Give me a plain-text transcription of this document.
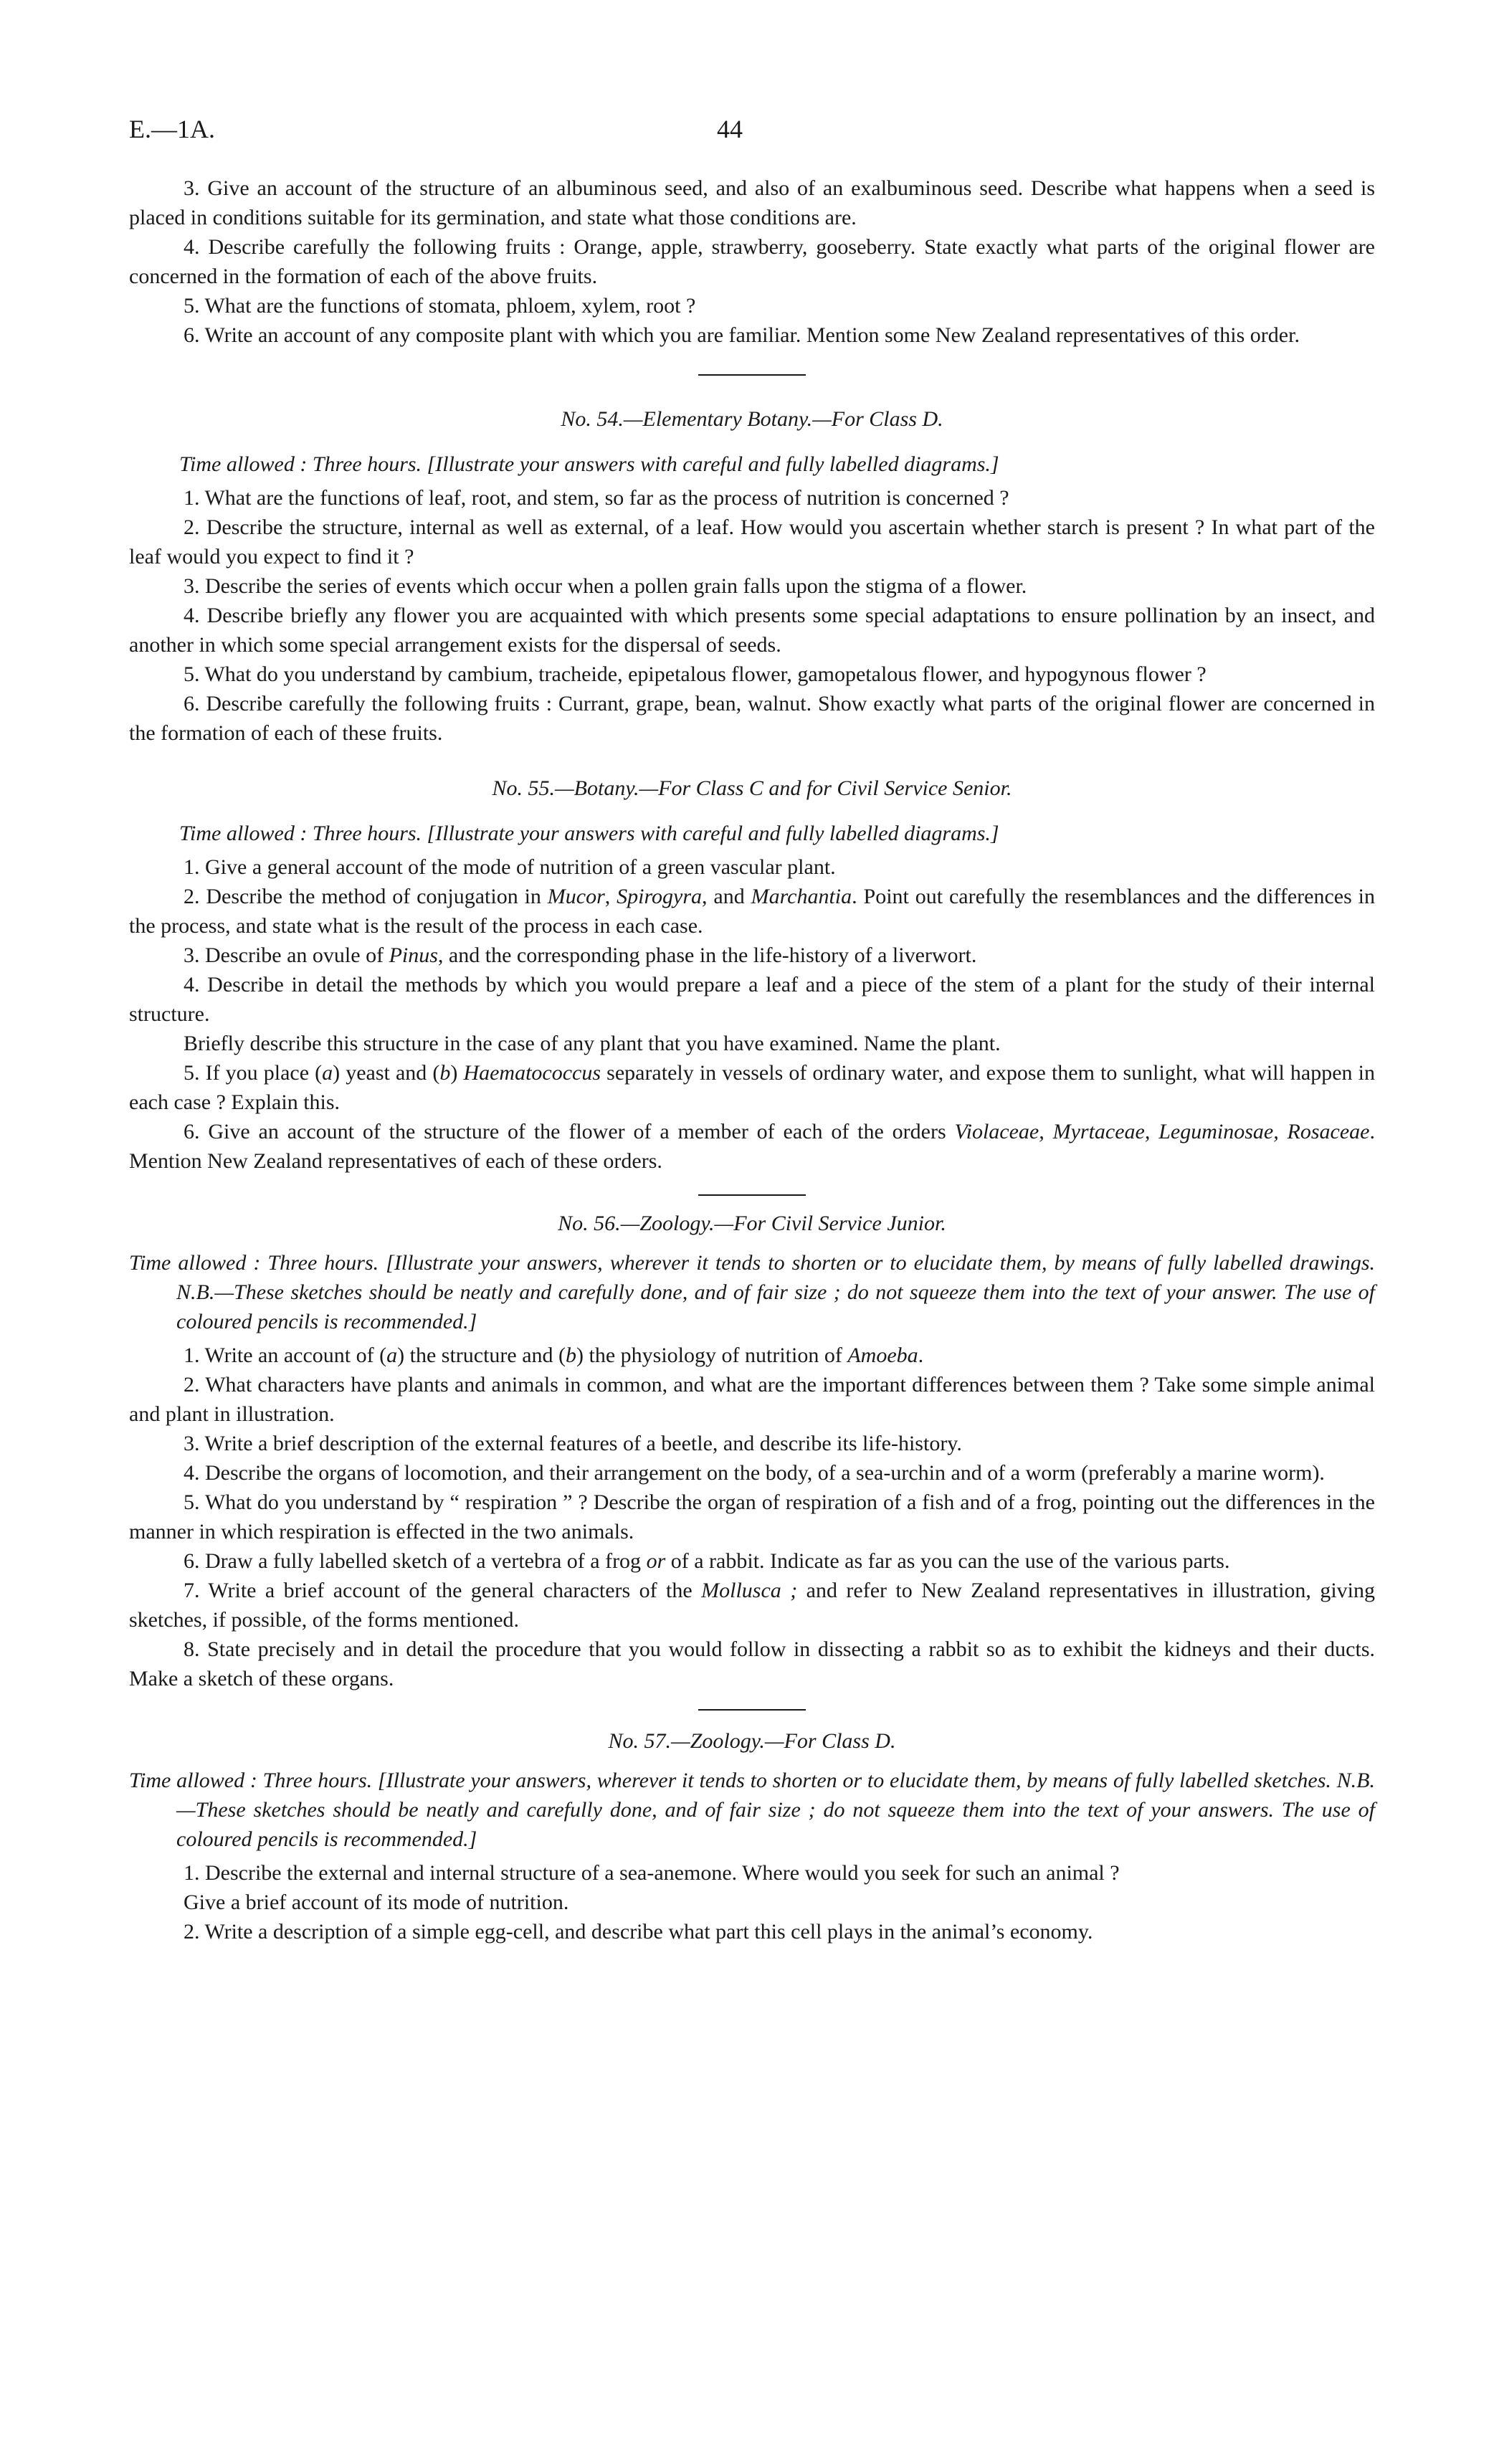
E.—1A.	44

3. Give an account of the structure of an albuminous seed, and also of an exalbuminous seed. Describe what happens when a seed is placed in conditions suitable for its germination, and state what those conditions are.

4. Describe carefully the following fruits : Orange, apple, strawberry, gooseberry. State exactly what parts of the original flower are concerned in the formation of each of the above fruits.

5. What are the functions of stomata, phloem, xylem, root ?

6. Write an account of any composite plant with which you are familiar. Mention some New Zealand representatives of this order.

No. 54.—Elementary Botany.—For Class D.

Time allowed : Three hours. [Illustrate your answers with careful and fully labelled diagrams.]

1. What are the functions of leaf, root, and stem, so far as the process of nutrition is concerned ?

2. Describe the structure, internal as well as external, of a leaf. How would you ascertain whether starch is present ? In what part of the leaf would you expect to find it ?

3. Describe the series of events which occur when a pollen grain falls upon the stigma of a flower.

4. Describe briefly any flower you are acquainted with which presents some special adaptations to ensure pollination by an insect, and another in which some special arrangement exists for the dispersal of seeds.

5. What do you understand by cambium, tracheide, epipetalous flower, gamopetalous flower, and hypogynous flower ?

6. Describe carefully the following fruits : Currant, grape, bean, walnut. Show exactly what parts of the original flower are concerned in the formation of each of these fruits.

No. 55.—Botany.—For Class C and for Civil Service Senior.

Time allowed : Three hours. [Illustrate your answers with careful and fully labelled diagrams.]

1. Give a general account of the mode of nutrition of a green vascular plant.

2. Describe the method of conjugation in Mucor, Spirogyra, and Marchantia. Point out carefully the resemblances and the differences in the process, and state what is the result of the process in each case.

3. Describe an ovule of Pinus, and the corresponding phase in the life-history of a liverwort.

4. Describe in detail the methods by which you would prepare a leaf and a piece of the stem of a plant for the study of their internal structure.

Briefly describe this structure in the case of any plant that you have examined. Name the plant.

5. If you place (a) yeast and (b) Haematococcus separately in vessels of ordinary water, and expose them to sunlight, what will happen in each case ? Explain this.

6. Give an account of the structure of the flower of a member of each of the orders Violaceae, Myrtaceae, Leguminosae, Rosaceae. Mention New Zealand representatives of each of these orders.

No. 56.—Zoology.—For Civil Service Junior.

Time allowed : Three hours. [Illustrate your answers, wherever it tends to shorten or to elucidate them, by means of fully labelled drawings. N.B.—These sketches should be neatly and carefully done, and of fair size ; do not squeeze them into the text of your answer. The use of coloured pencils is recommended.]

1. Write an account of (a) the structure and (b) the physiology of nutrition of Amoeba.

2. What characters have plants and animals in common, and what are the important differences between them ? Take some simple animal and plant in illustration.

3. Write a brief description of the external features of a beetle, and describe its life-history.

4. Describe the organs of locomotion, and their arrangement on the body, of a sea-urchin and of a worm (preferably a marine worm).

5. What do you understand by “ respiration ” ? Describe the organ of respiration of a fish and of a frog, pointing out the differences in the manner in which respiration is effected in the two animals.

6. Draw a fully labelled sketch of a vertebra of a frog or of a rabbit. Indicate as far as you can the use of the various parts.

7. Write a brief account of the general characters of the Mollusca ; and refer to New Zealand representatives in illustration, giving sketches, if possible, of the forms mentioned.

8. State precisely and in detail the procedure that you would follow in dissecting a rabbit so as to exhibit the kidneys and their ducts. Make a sketch of these organs.

No. 57.—Zoology.—For Class D.

Time allowed : Three hours. [Illustrate your answers, wherever it tends to shorten or to elucidate them, by means of fully labelled sketches. N.B.—These sketches should be neatly and carefully done, and of fair size ; do not squeeze them into the text of your answers. The use of coloured pencils is recommended.]

1. Describe the external and internal structure of a sea-anemone. Where would you seek for such an animal ?

Give a brief account of its mode of nutrition.

2. Write a description of a simple egg-cell, and describe what part this cell plays in the animal’s economy.
